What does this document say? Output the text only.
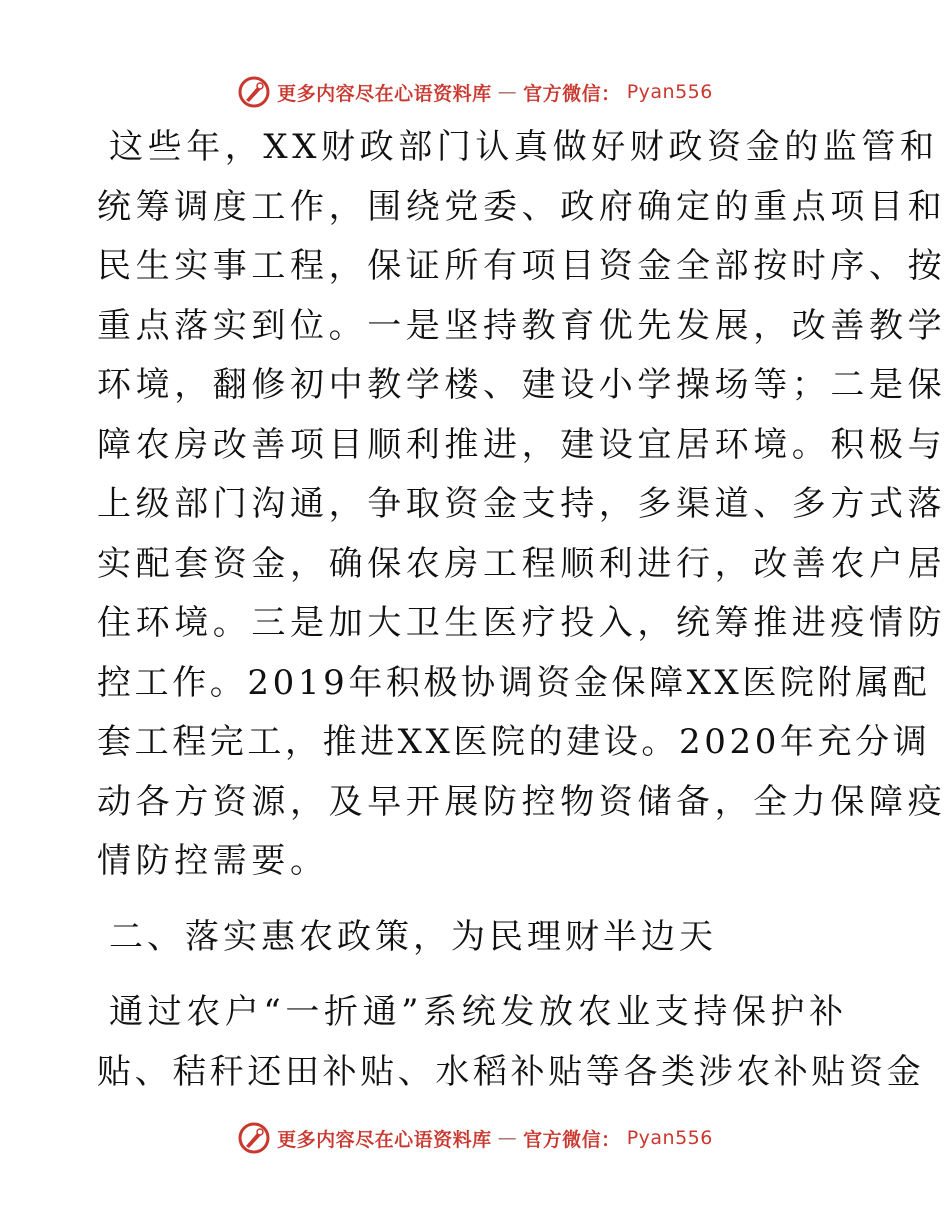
更多内容尽在心语资料库 — 官方微信： Pyan556
这些年，XX财政部门认真做好财政资金的监管和
统筹调度工作，围绕党委、政府确定的重点项目和
民生实事工程，保证所有项目资金全部按时序、按
重点落实到位。一是坚持教育优先发展，改善教学
环境，翻修初中教学楼、建设小学操场等；二是保
障农房改善项目顺利推进，建设宜居环境。积极与
上级部门沟通，争取资金支持，多渠道、多方式落
实配套资金，确保农房工程顺利进行，改善农户居
住环境。三是加大卫生医疗投入，统筹推进疫情防
控工作。2019年积极协调资金保障XX医院附属配
套工程完工，推进XX医院的建设。2020年充分调
动各方资源，及早开展防控物资储备，全力保障疫
情防控需要。
二、落实惠农政策，为民理财半边天
通过农户“一折通”系统发放农业支持保护补
贴、秸秆还田补贴、水稻补贴等各类涉农补贴资金
更多内容尽在心语资料库 — 官方微信： Pyan556
